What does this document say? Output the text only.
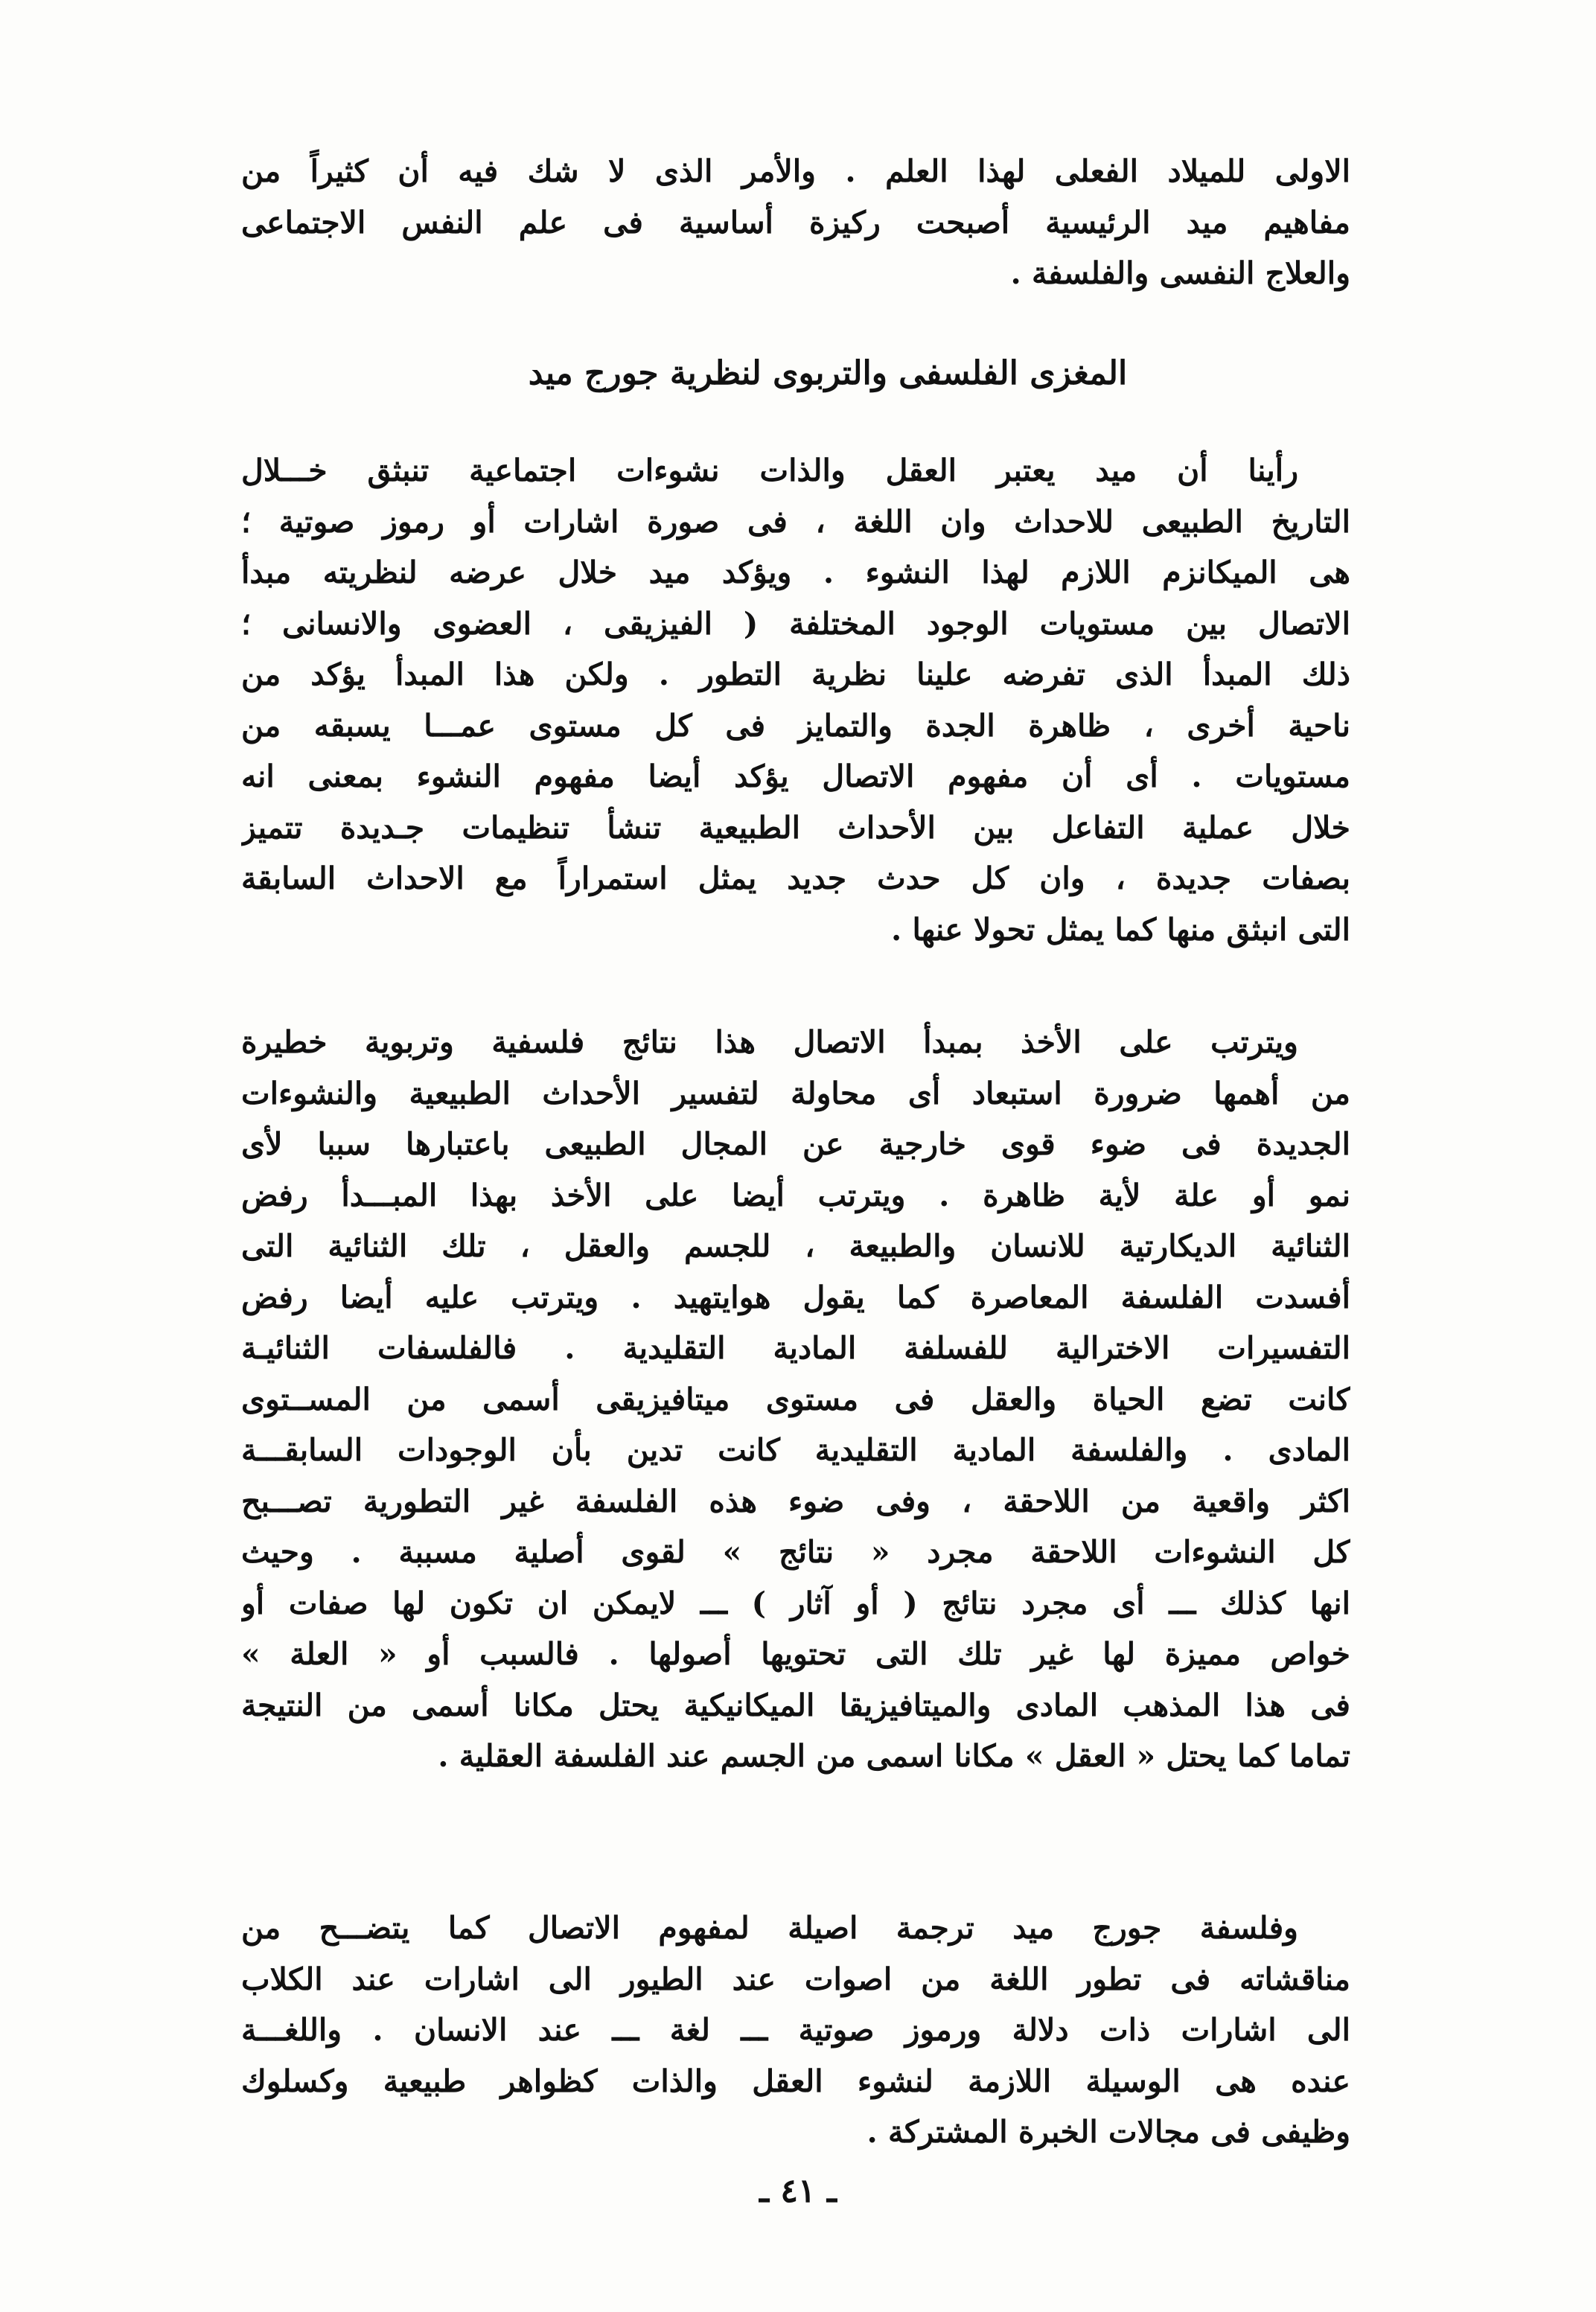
الاولى للميلاد الفعلى لهذا العلم . والأمر الذى لا شك فيه أن كثيراً من
مفاهيم ميد الرئيسية أصبحت ركيزة أساسية فى علم النفس الاجتماعى
والعلاج النفسى والفلسفة .
المغزى الفلسفى والتربوى لنظرية جورج ميد
رأينا أن ميد يعتبر العقل والذات نشوءات اجتماعية تنبثق خـــلال
التاريخ الطبيعى للاحداث وان اللغة ، فى صورة اشارات أو رموز صوتية ؛
هى الميكانزم اللازم لهذا النشوء . ويؤكد ميد خلال عرضه لنظريته مبدأ
الاتصال بين مستويات الوجود المختلفة ( الفيزيقى ، العضوى والانسانى ؛
ذلك المبدأ الذى تفرضه علينا نظرية التطور . ولكن هذا المبدأ يؤكد من
ناحية أخرى ، ظاهرة الجدة والتمايز فى كل مستوى عمـــا يسبقه من
مستويات . أى أن مفهوم الاتصال يؤكد أيضا مفهوم النشوء بمعنى انه
خلال عملية التفاعل بين الأحداث الطبيعية تنشأ تنظيمات جـديدة تتميز
بصفات جديدة ، وان كل حدث جديد يمثل استمراراً مع الاحداث السابقة
التى انبثق منها كما يمثل تحولا عنها .
ويترتب على الأخذ بمبدأ الاتصال هذا نتائج فلسفية وتربوية خطيرة
من أهمها ضرورة استبعاد أى محاولة لتفسير الأحداث الطبيعية والنشوءات
الجديدة فى ضوء قوى خارجية عن المجال الطبيعى باعتبارها سببا لأى
نمو أو علة لأية ظاهرة . ويترتب أيضا على الأخذ بهذا المبـــدأ رفض
الثنائية الديكارتية للانسان والطبيعة ، للجسم والعقل ، تلك الثنائية التى
أفسدت الفلسفة المعاصرة كما يقول هوايتهيد . ويترتب عليه أيضا رفض
التفسيرات الاخترالية للفسلفة المادية التقليدية . فالفلسفات الثنائيـة
كانت تضع الحياة والعقل فى مستوى ميتافيزيقى أسمى من المســتوى
المادى . والفلسفة المادية التقليدية كانت تدين بأن الوجودات السابقـــة
اكثر واقعية من اللاحقة ، وفى ضوء هذه الفلسفة غير التطورية تصـــبح
كل النشوءات اللاحقة مجرد « نتائج » لقوى أصلية مسببة . وحيث
انها كذلك ـــ أى مجرد نتائج ( أو آثار ) ـــ لايمكن ان تكون لها صفات أو
خواص مميزة لها غير تلك التى تحتويها أصولها . فالسبب أو « العلة »
فى هذا المذهب المادى والميتافيزيقا الميكانيكية يحتل مكانا أسمى من النتيجة
تماما كما يحتل « العقل » مكانا اسمى من الجسم عند الفلسفة العقلية .
وفلسفة جورج ميد ترجمة اصيلة لمفهوم الاتصال كما يتضـــح من
مناقشاته فى تطور اللغة من اصوات عند الطيور الى اشارات عند الكلاب
الى اشارات ذات دلالة ورموز صوتية ـــ لغة ـــ عند الانسان . واللغـــة
عنده هى الوسيلة اللازمة لنشوء العقل والذات كظواهر طبيعية وكسلوك
وظيفى فى مجالات الخبرة المشتركة .
ـ ٤١ ـ
